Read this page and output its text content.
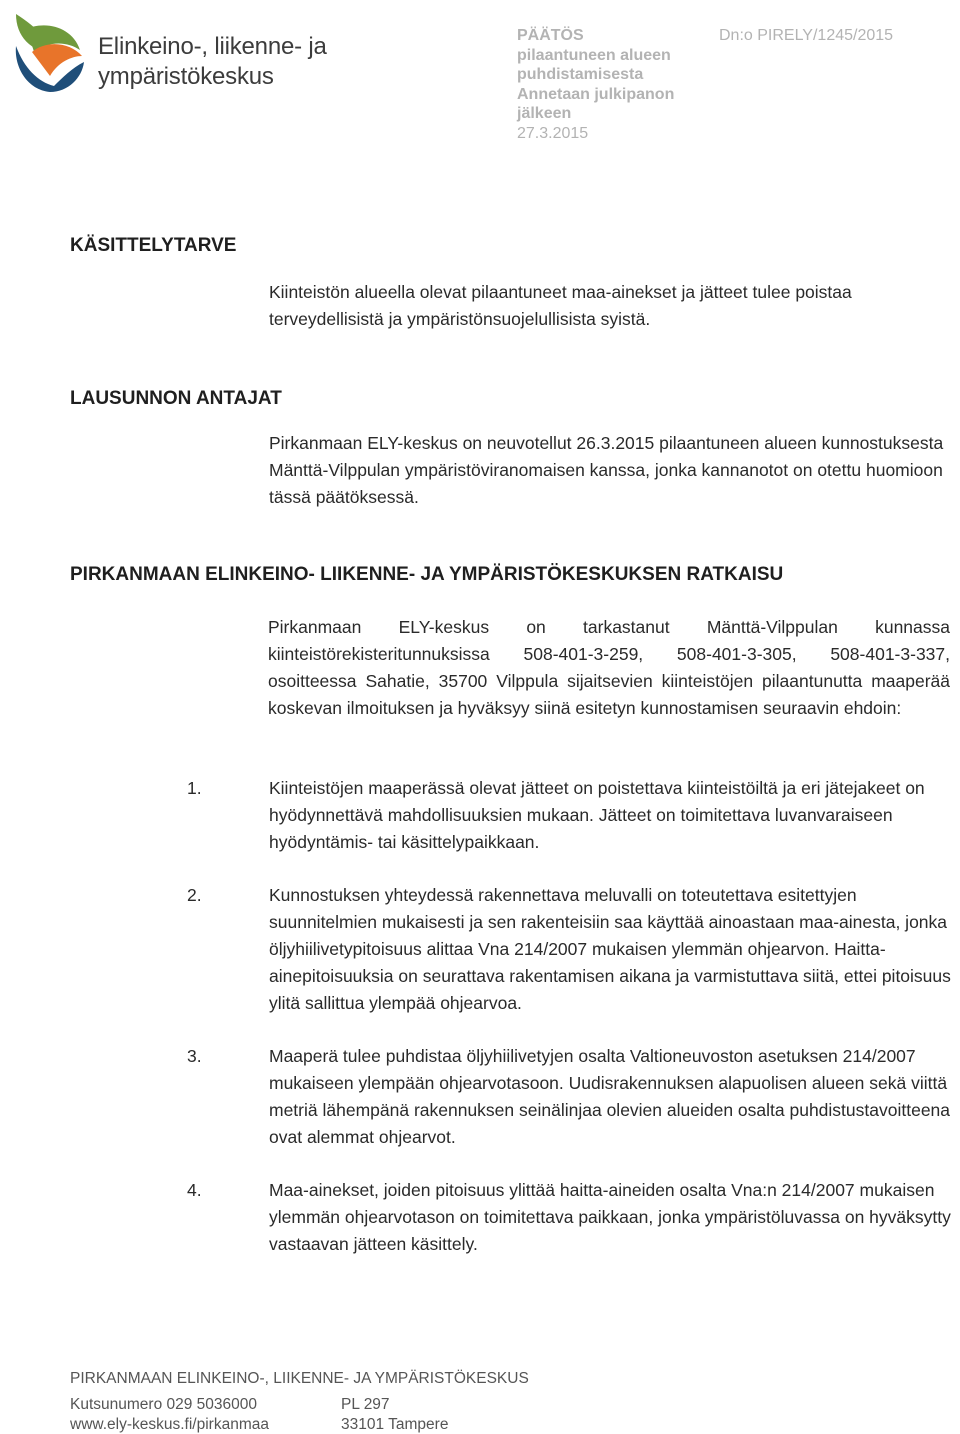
Elinkeino-, liikenne- ja
ympäristökeskus
PÄÄTÖS
pilaantuneen alueen puhdistamisesta
Annetaan julkipanon jälkeen
27.3.2015
Dn:o PIRELY/1245/2015
KÄSITTELYTARVE
Kiinteistön alueella olevat pilaantuneet maa-ainekset ja jätteet tulee poistaa terveydellisistä ja ympäristönsuojelullisista syistä.
LAUSUNNON ANTAJAT
Pirkanmaan ELY-keskus on neuvotellut 26.3.2015 pilaantuneen alueen kunnostuksesta Mänttä-Vilppulan ympäristöviranomaisen kanssa, jonka kannanotot on otettu huomioon tässä päätöksessä.
PIRKANMAAN ELINKEINO- LIIKENNE- JA YMPÄRISTÖKESKUKSEN RATKAISU
Pirkanmaan ELY-keskus on tarkastanut Mänttä-Vilppulan kunnassa kiinteistörekisteritunnuksissa 508-401-3-259, 508-401-3-305, 508-401-3-337, osoitteessa Sahatie, 35700 Vilppula sijaitsevien kiinteistöjen pilaantunutta maaperää koskevan ilmoituksen ja hyväksyy siinä esitetyn kunnostamisen seuraavin ehdoin:
1.	Kiinteistöjen maaperässä olevat jätteet on poistettava kiinteistöiltä ja eri jätejakeet on hyödynnettävä mahdollisuuksien mukaan. Jätteet on toimitettava luvanvaraiseen hyödyntämis- tai käsittelypaikkaan.
2.	Kunnostuksen yhteydessä rakennettava meluvalli on toteutettava esitettyjen suunnitelmien mukaisesti ja sen rakenteisiin saa käyttää ainoastaan maa-ainesta, jonka öljyhiilivetypitoisuus alittaa Vna 214/2007 mukaisen ylemmän ohjearvon. Haitta-ainepitoisuuksia on seurattava rakentamisen aikana ja varmistuttava siitä, ettei pitoisuus ylitä sallittua ylempää ohjearvoa.
3.	Maaperä tulee puhdistaa öljyhiilivetyjen osalta Valtioneuvoston asetuksen 214/2007 mukaiseen ylempään ohjearvotasoon. Uudisrakennuksen alapuolisen alueen sekä viittä metriä lähempänä rakennuksen seinälinjaa olevien alueiden osalta puhdistustavoitteena ovat alemmat ohjearvot.
4.	Maa-ainekset, joiden pitoisuus ylittää haitta-aineiden osalta Vna:n 214/2007 mukaisen ylemmän ohjearvotason on toimitettava paikkaan, jonka ympäristöluvassa on hyväksytty vastaavan jätteen käsittely.
PIRKANMAAN ELINKEINO-, LIIKENNE- JA YMPÄRISTÖKESKUS
Kutsunumero 029 5036000
www.ely-keskus.fi/pirkanmaa
PL 297
33101 Tampere
